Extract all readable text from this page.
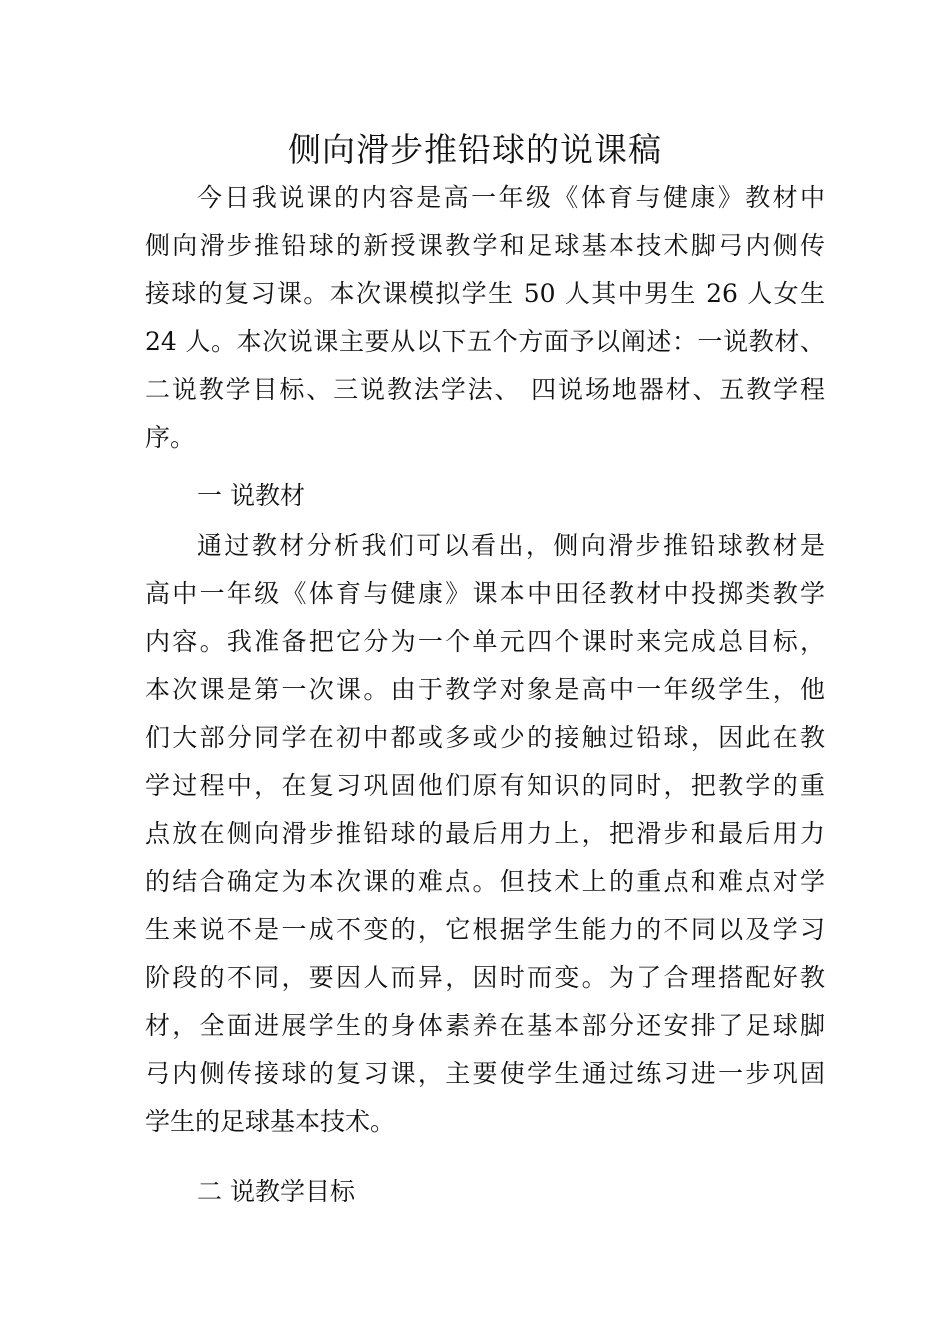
侧向滑步推铅球的说课稿
今日我说课的内容是高一年级《体育与健康》教材中
侧向滑步推铅球的新授课教学和足球基本技术脚弓内侧传
接球的复习课。本次课模拟学生 50 人其中男生 26 人女生
24 人。本次说课主要从以下五个方面予以阐述：一说教材、
二说教学目标、三说教法学法、 四说场地器材、五教学程
序。
一 说教材
通过教材分析我们可以看出，侧向滑步推铅球教材是
高中一年级《体育与健康》课本中田径教材中投掷类教学
内容。我准备把它分为一个单元四个课时来完成总目标，
本次课是第一次课。由于教学对象是高中一年级学生，他
们大部分同学在初中都或多或少的接触过铅球，因此在教
学过程中，在复习巩固他们原有知识的同时，把教学的重
点放在侧向滑步推铅球的最后用力上，把滑步和最后用力
的结合确定为本次课的难点。但技术上的重点和难点对学
生来说不是一成不变的，它根据学生能力的不同以及学习
阶段的不同，要因人而异，因时而变。为了合理搭配好教
材，全面进展学生的身体素养在基本部分还安排了足球脚
弓内侧传接球的复习课，主要使学生通过练习进一步巩固
学生的足球基本技术。
二 说教学目标
